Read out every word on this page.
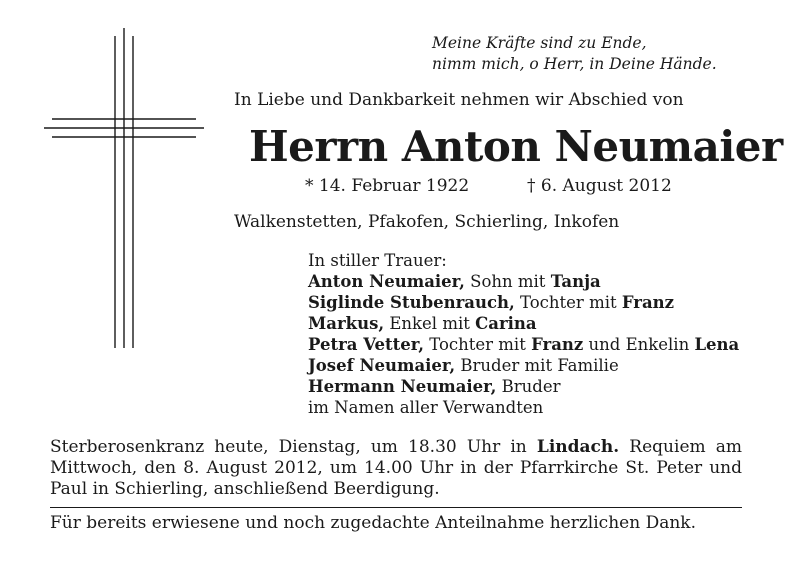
Meine Kräfte sind zu Ende,
nimm mich, o Herr, in Deine Hände.
In Liebe und Dankbarkeit nehmen wir Abschied von
Herrn Anton Neumaier
* 14. Februar 1922	† 6. August 2012
Walkenstetten, Pfakofen, Schierling, Inkofen
In stiller Trauer:
Anton Neumaier, Sohn mit Tanja
Siglinde Stubenrauch, Tochter mit Franz
Markus, Enkel mit Carina
Petra Vetter, Tochter mit Franz und Enkelin Lena
Josef Neumaier, Bruder mit Familie
Hermann Neumaier, Bruder
im Namen aller Verwandten
Sterberosenkranz heute, Dienstag, um 18.30 Uhr in Lindach. Requiem am Mittwoch, den 8. August 2012, um 14.00 Uhr in der Pfarrkirche St. Peter und Paul in Schierling, anschließend Beerdigung.
Für bereits erwiesene und noch zugedachte Anteilnahme herzlichen Dank.
